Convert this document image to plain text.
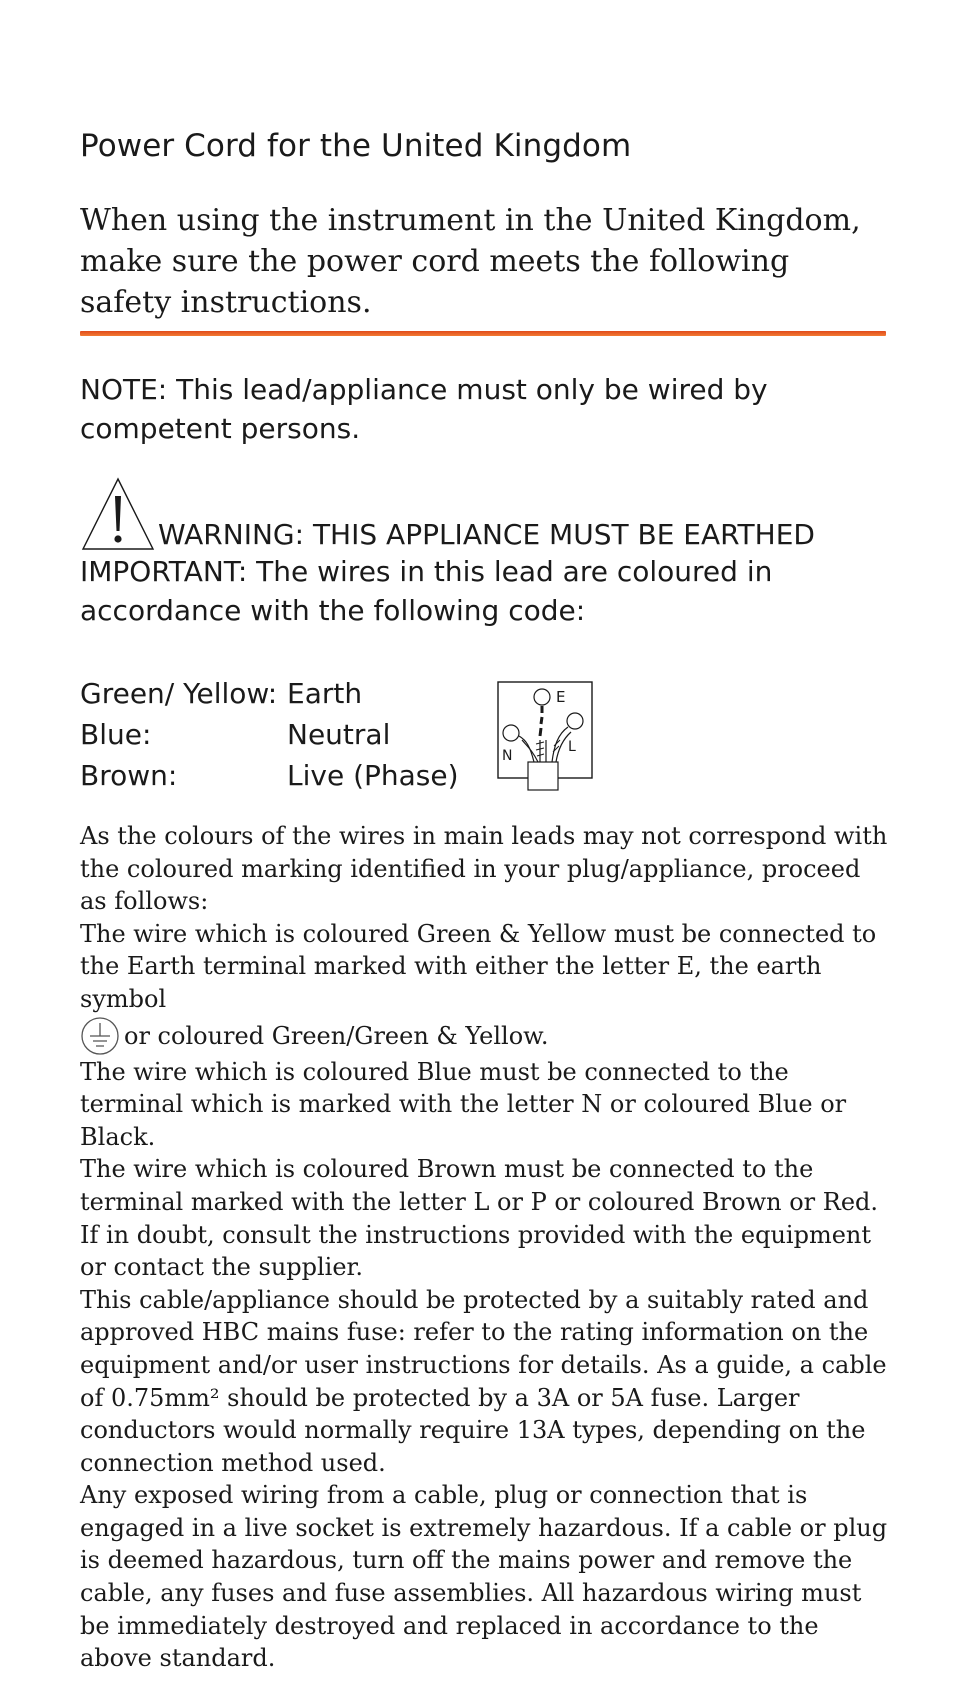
Power Cord for the United Kingdom
When using the instrument in the United Kingdom, make sure the power cord meets the following safety instructions.
NOTE: This lead/appliance must only be wired by competent persons.
WARNING: THIS APPLIANCE MUST BE EARTHED
IMPORTANT: The wires in this lead are coloured in accordance with the following code:
Green/ Yellow: Earth
Blue:	Neutral
Brown:	Live (Phase)
E
N
L

As the colours of the wires in main leads may not correspond with the coloured marking identified in your plug/appliance, proceed as follows:

The wire which is coloured Green & Yellow must be connected to the Earth terminal marked with either the letter E, the earth symbol
or coloured Green/Green & Yellow.

The wire which is coloured Blue must be connected to the terminal which is marked with the letter N or coloured Blue or Black.

The wire which is coloured Brown must be connected to the terminal marked with the letter L or P or coloured Brown or Red.

If in doubt, consult the instructions provided with the equipment or contact the supplier.

This cable/appliance should be protected by a suitably rated and approved HBC mains fuse: refer to the rating information on the equipment and/or user instructions for details. As a guide, a cable of 0.75mm² should be protected by a 3A or 5A fuse. Larger conductors would normally require 13A types, depending on the connection method used.

Any exposed wiring from a cable, plug or connection that is engaged in a live socket is extremely hazardous. If a cable or plug is deemed hazardous, turn off the mains power and remove the cable, any fuses and fuse assemblies. All hazardous wiring must be immediately destroyed and replaced in accordance to the above standard.
